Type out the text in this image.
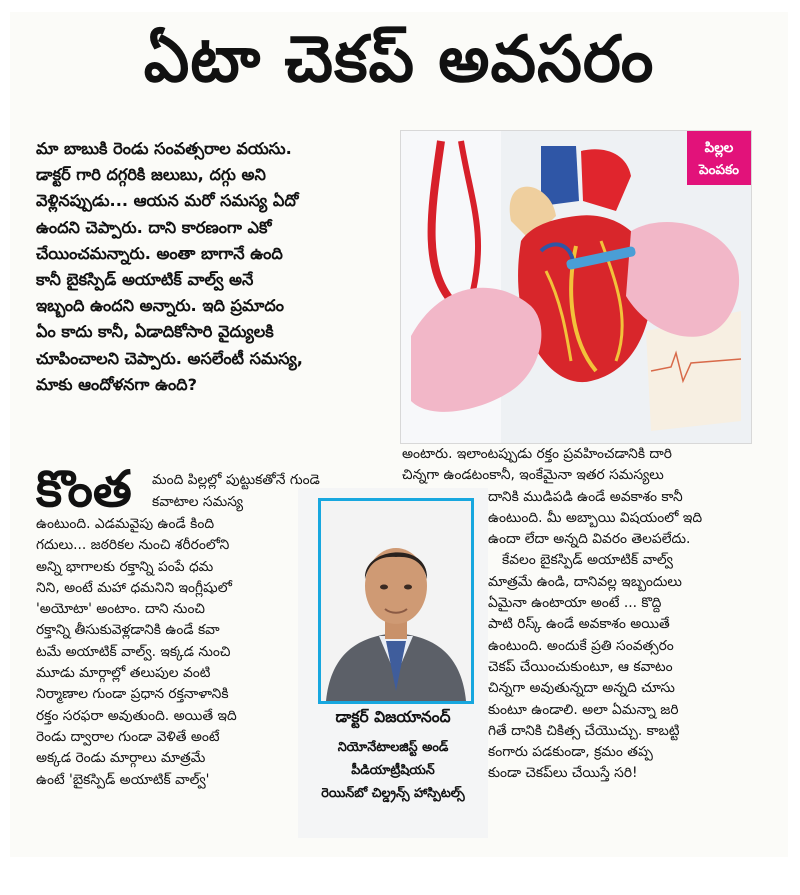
ఏటా చెకప్‌ అవసరం

మా బాబుకి రెండు సంవత్సరాల వయసు.

డాక్టర్‌ గారి దగ్గరికి జలుబు, దగ్గు అని

వెళ్లినప్పుడు... ఆయన మరో సమస్య ఏదో

ఉందని చెప్పారు. దాని కారణంగా ఎకో

చేయించమన్నారు. అంతా బాగానే ఉంది

కానీ బైకస్పిడ్‌ అయాటిక్‌ వాల్వ్‌ అనే

ఇబ్బంది ఉందని అన్నారు. ఇది ప్రమాదం

ఏం కాదు కానీ, ఏడాదికోసారి వైద్యులకి

చూపించాలని చెప్పారు. అసలేంటీ సమస్య,

మాకు ఆందోళనగా ఉంది?

పిల్లల
పెంపకం
కొంత మంది పిల్లల్లో పుట్టుకతోనే గుండె
కవాటాల సమస్య

ఉంటుంది. ఎడమవైపు ఉండే కింది

గదులు... జఠరికల నుంచి శరీరంలోని

అన్ని భాగాలకు రక్తాన్ని పంపే ధమ

నిని, అంటే మహా ధమనిని ఇంగ్లీషులో

'అయోటా' అంటాం. దాని నుంచి

రక్తాన్ని తీసుకువెళ్లడానికి ఉండే కవా

టమే అయాటిక్‌ వాల్వ్‌. ఇక్కడ నుంచి

మూడు మార్గాల్లో తలుపుల వంటి

నిర్మాణాల గుండా ప్రధాన రక్తనాళానికి

రక్తం సరఫరా అవుతుంది. అయితే ఇది

రెండు ద్వారాల గుండా వెళితే అంటే

అక్కడ రెండు మార్గాలు మాత్రమే

ఉంటే 'బైకస్పిడ్‌ అయాటిక్‌ వాల్వ్‌'

డాక్టర్‌ విజయానంద్‌

నియోనేటాలజిస్ట్‌ అండ్‌

పీడియాట్రీషియన్‌

రెయిన్‌బో చిల్డ్రన్స్‌ హాస్పిటల్స్‌

అంటారు. ఇలాంటప్పుడు రక్తం ప్రవహించడానికి దారి

చిన్నగా ఉండటంకానీ, ఇంకేమైనా ఇతర సమస్యలు

దానికి ముడిపడి ఉండే అవకాశం కానీ

ఉంటుంది. మీ అబ్బాయి విషయంలో ఇది

ఉందా లేదా అన్నది వివరం తెలపలేదు.

కేవలం బైకస్పిడ్‌ అయాటిక్‌ వాల్వ్‌

మాత్రమే ఉండి, దానివల్ల ఇబ్బందులు

ఏమైనా ఉంటాయా అంటే ... కొద్ది

పాటి రిస్క్‌ ఉండే అవకాశం అయితే

ఉంటుంది. అందుకే ప్రతి సంవత్సరం

చెకప్‌ చేయించుకుంటూ, ఆ కవాటం

చిన్నగా అవుతున్నదా అన్నది చూసు

కుంటూ ఉండాలి. అలా ఏమన్నా జరి

గితే దానికి చికిత్స చేయొచ్చు. కాబట్టి

కంగారు పడకుండా, క్రమం తప్ప

కుండా చెకప్‌లు చేయిస్తే సరి!
